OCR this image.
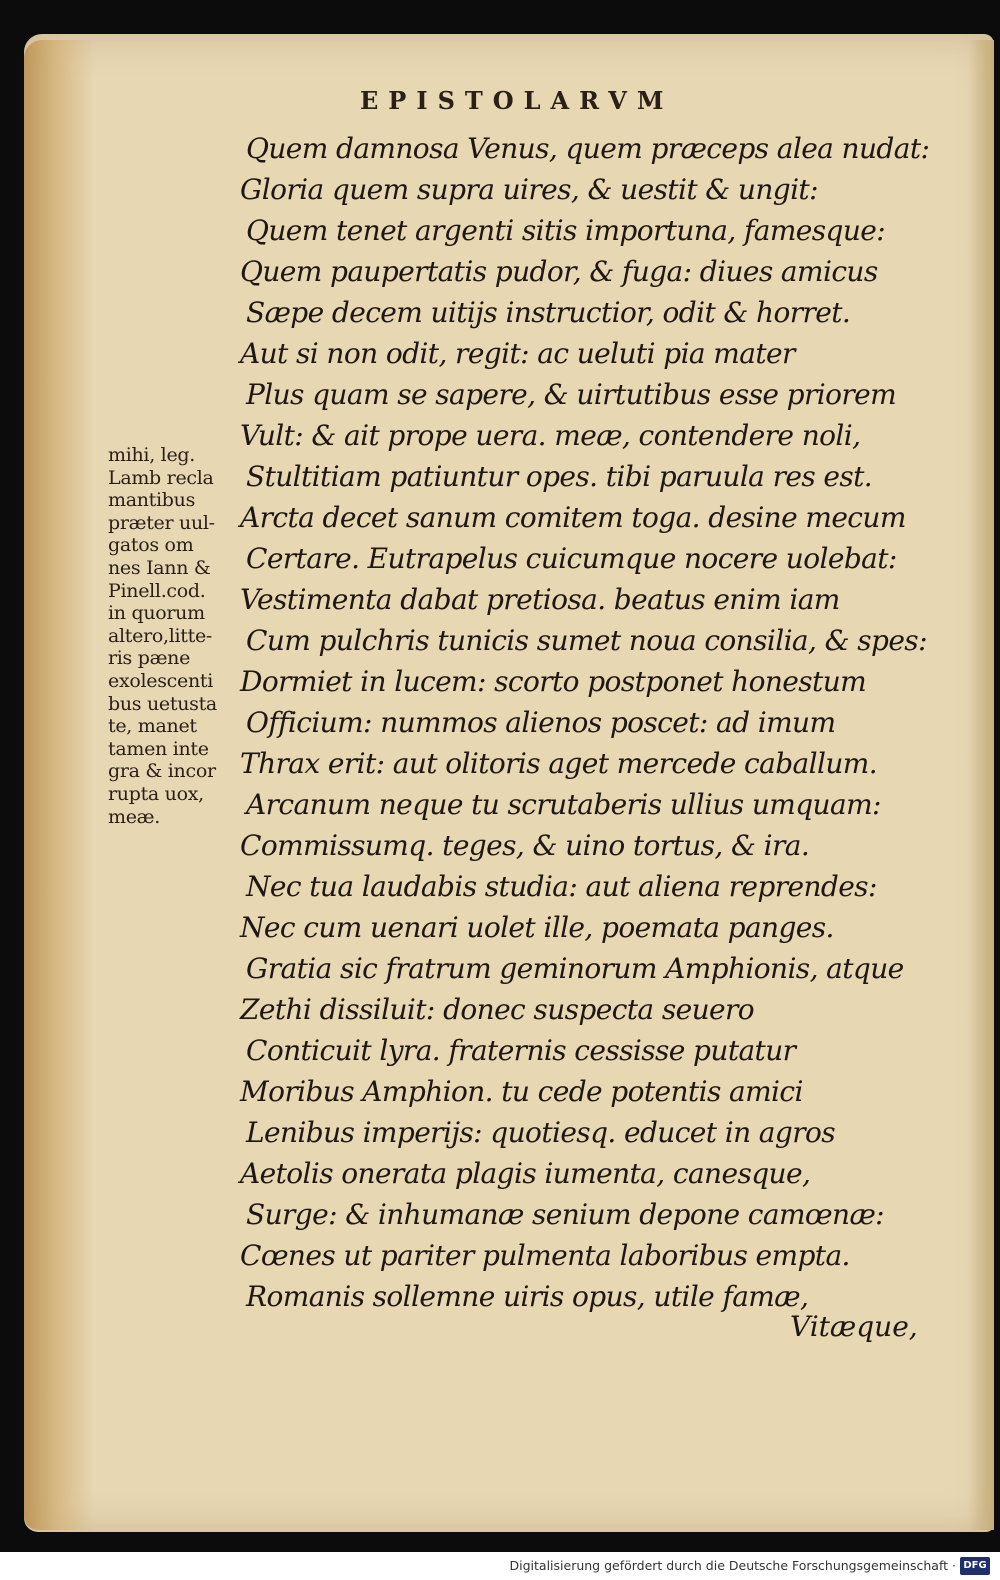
EPISTOLARVM
mihi, leg.
Lamb recla
mantibus
præter uul-
gatos om
nes Iann &
Pinell.cod.
in quorum
altero,litte-
ris pæne
exolescenti
bus uetusta
te, manet
tamen inte
gra & incor
rupta uox,
meæ.
Quem damnosa Venus, quem præceps alea nudat:
Gloria quem supra uires, & uestit & ungit:
Quem tenet argenti sitis importuna, famesque:
Quem paupertatis pudor, & fuga: diues amicus
Sæpe decem uitijs instructior, odit & horret.
Aut si non odit, regit: ac ueluti pia mater
Plus quam se sapere, & uirtutibus esse priorem
Vult: & ait prope uera. meæ, contendere noli,
Stultitiam patiuntur opes. tibi paruula res est.
Arcta decet sanum comitem toga. desine mecum
Certare. Eutrapelus cuicumque nocere uolebat:
Vestimenta dabat pretiosa. beatus enim iam
Cum pulchris tunicis sumet noua consilia, & spes:
Dormiet in lucem: scorto postponet honestum
Officium: nummos alienos poscet: ad imum
Thrax erit: aut olitoris aget mercede caballum.
Arcanum neque tu scrutaberis ullius umquam:
Commissumq. teges, & uino tortus, & ira.
Nec tua laudabis studia: aut aliena reprendes:
Nec cum uenari uolet ille, poemata panges.
Gratia sic fratrum geminorum Amphionis, atque
Zethi dissiluit: donec suspecta seuero
Conticuit lyra. fraternis cessisse putatur
Moribus Amphion. tu cede potentis amici
Lenibus imperijs: quotiesq. educet in agros
Aetolis onerata plagis iumenta, canesque,
Surge: & inhumanæ senium depone camœnæ:
Cœnes ut pariter pulmenta laboribus empta.
Romanis sollemne uiris opus, utile famæ,
Vitæque,
Digitalisierung gefördert durch die Deutsche Forschungsgemeinschaft · DFG
